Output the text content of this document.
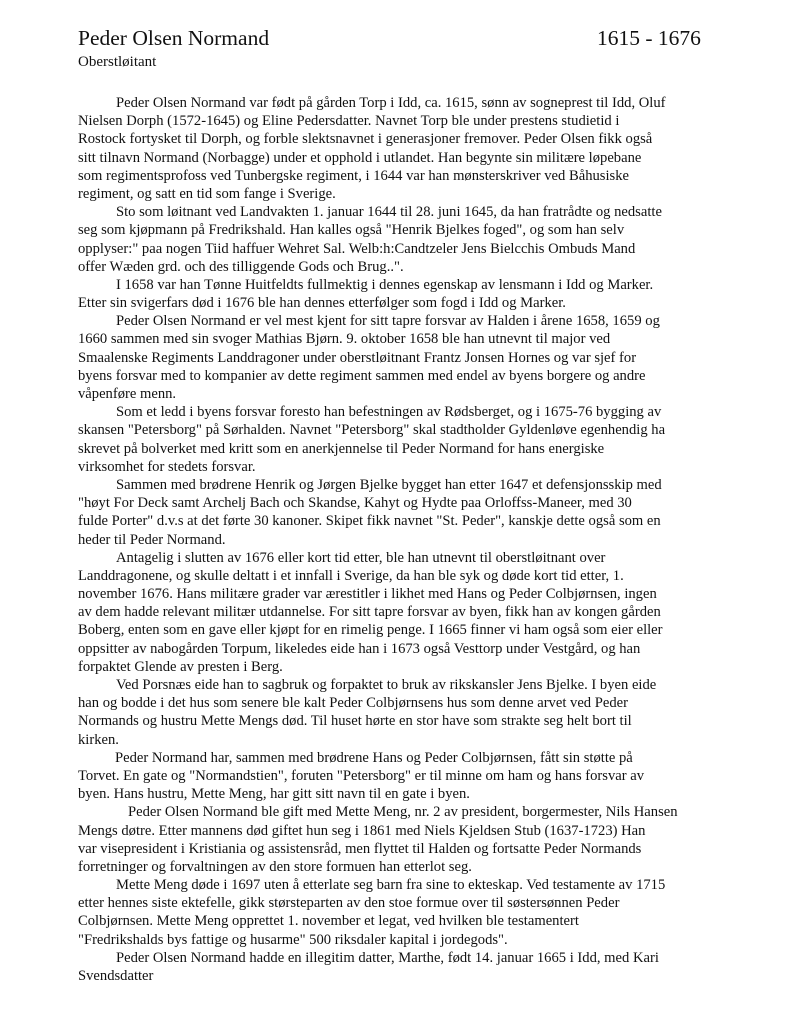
Peder Olsen Normand	1615 - 1676
Oberstløitant
Peder Olsen Normand var født på gården Torp i Idd, ca. 1615, sønn av sogneprest til Idd, Oluf
Nielsen Dorph (1572-1645) og Eline Pedersdatter. Navnet Torp ble under prestens studietid i
Rostock fortysket til Dorph, og forble slektsnavnet i generasjoner fremover. Peder Olsen fikk også
sitt tilnavn Normand (Norbagge) under et opphold i utlandet. Han begynte sin militære løpebane
som regimentsprofoss ved Tunbergske regiment, i 1644 var han mønsterskriver ved Båhusiske
regiment, og satt en tid som fange i Sverige.
Sto som løitnant ved Landvakten 1. januar 1644 til 28. juni 1645, da han fratrådte og nedsatte
seg som kjøpmann på Fredrikshald. Han kalles også "Henrik Bjelkes foged", og som han selv
opplyser:" paa nogen Tiid haffuer Wehret Sal. Welb:h:Candtzeler Jens Bielcchis Ombuds Mand
offer Wæden grd. och des tilliggende Gods och Brug..".
I 1658 var han Tønne Huitfeldts fullmektig i dennes egenskap av lensmann i Idd og Marker.
Etter sin svigerfars død i 1676 ble han dennes etterfølger som fogd i Idd og Marker.
Peder Olsen Normand er vel mest kjent for sitt tapre forsvar av Halden i årene 1658, 1659 og
1660 sammen med sin svoger Mathias Bjørn. 9. oktober 1658 ble han utnevnt til major ved
Smaalenske Regiments Landdragoner under oberstløitnant Frantz Jonsen Hornes og var sjef for
byens forsvar med to kompanier av dette regiment sammen med endel av byens borgere og andre
våpenføre menn.
Som et ledd i byens forsvar foresto han befestningen av Rødsberget, og i 1675-76 bygging av
skansen "Petersborg" på Sørhalden. Navnet "Petersborg" skal stadtholder Gyldenløve egenhendig ha
skrevet på bolverket med kritt som en anerkjennelse til Peder Normand for hans energiske
virksomhet for stedets forsvar.
Sammen med brødrene Henrik og Jørgen Bjelke bygget han etter 1647 et defensjonsskip med
"høyt For Deck samt Archelj Bach och Skandse, Kahyt og Hydte paa Orloffss-Maneer, med 30
fulde Porter" d.v.s at det førte 30 kanoner. Skipet fikk navnet "St. Peder", kanskje dette også som en
heder til Peder Normand.
Antagelig i slutten av 1676 eller kort tid etter, ble han utnevnt til oberstløitnant over
Landdragonene, og skulle deltatt i et innfall i Sverige, da han ble syk og døde kort tid etter, 1.
november 1676. Hans militære grader var ærestitler i likhet med Hans og Peder Colbjørnsen, ingen
av dem hadde relevant militær utdannelse. For sitt tapre forsvar av byen, fikk han av kongen gården
Boberg, enten som en gave eller kjøpt for en rimelig penge. I 1665 finner vi ham også som eier eller
oppsitter av nabogården Torpum, likeledes eide han i 1673 også Vesttorp under Vestgård, og han
forpaktet Glende av presten i Berg.
Ved Porsnæs eide han to sagbruk og forpaktet to bruk av rikskansler Jens Bjelke. I byen eide
han og bodde i det hus som senere ble kalt Peder Colbjørnsens hus som denne arvet ved Peder
Normands og hustru Mette Mengs død. Til huset hørte en stor have som strakte seg helt bort til
kirken.
Peder Normand har, sammen med brødrene Hans og Peder Colbjørnsen, fått sin støtte på
Torvet. En gate og "Normandstien", foruten "Petersborg" er til minne om ham og hans forsvar av
byen. Hans hustru, Mette Meng, har gitt sitt navn til en gate i byen.
Peder Olsen Normand ble gift med Mette Meng, nr. 2 av president, borgermester, Nils Hansen
Mengs døtre. Etter mannens død giftet hun seg i 1861 med Niels Kjeldsen Stub (1637-1723) Han
var visepresident i Kristiania og assistensråd, men flyttet til Halden og fortsatte Peder Normands
forretninger og forvaltningen av den store formuen han etterlot seg.
Mette Meng døde i 1697 uten å etterlate seg barn fra sine to ekteskap. Ved testamente av 1715
etter hennes siste ektefelle, gikk størsteparten av den stoe formue over til søstersønnen Peder
Colbjørnsen. Mette Meng opprettet 1. november et legat, ved hvilken ble testamentert
"Fredrikshalds bys fattige og husarme" 500 riksdaler kapital i jordegods".
Peder Olsen Normand hadde en illegitim datter, Marthe, født 14. januar 1665 i Idd, med Kari
Svendsdatter
